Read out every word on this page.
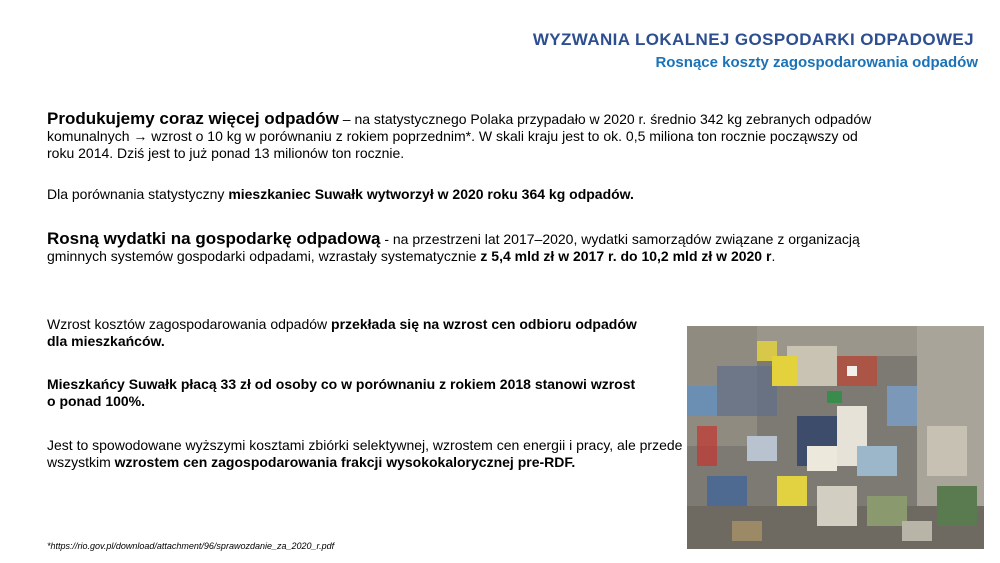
WYZWANIA LOKALNEJ GOSPODARKI ODPADOWEJ
Rosnące koszty zagospodarowania odpadów
Produkujemy coraz więcej odpadów – na statystycznego Polaka przypadało w 2020 r. średnio 342 kg zebranych odpadów komunalnych → wzrost o 10 kg w porównaniu z rokiem poprzednim*. W skali kraju jest to ok. 0,5 miliona ton rocznie począwszy od roku 2014. Dziś jest to już ponad 13 milionów ton rocznie.
Dla porównania statystyczny mieszkaniec Suwałk wytworzył w 2020 roku 364 kg odpadów.
Rosną wydatki na gospodarkę odpadową - na przestrzeni lat 2017–2020, wydatki samorządów związane z organizacją gminnych systemów gospodarki odpadami, wzrastały systematycznie z 5,4 mld zł w 2017 r. do 10,2 mld zł w 2020 r.
Wzrost kosztów zagospodarowania odpadów przekłada się na wzrost cen odbioru odpadów dla mieszkańców.
Mieszkańcy Suwałk płacą 33 zł od osoby co w porównaniu z rokiem 2018 stanowi wzrost o ponad 100%.
Jest to spowodowane wyższymi kosztami zbiórki selektywnej, wzrostem cen energii i pracy, ale przede wszystkim wzrostem cen zagospodarowania frakcji wysokokalorycznej pre-RDF.
*https://rio.gov.pl/download/attachment/96/sprawozdanie_za_2020_r.pdf
